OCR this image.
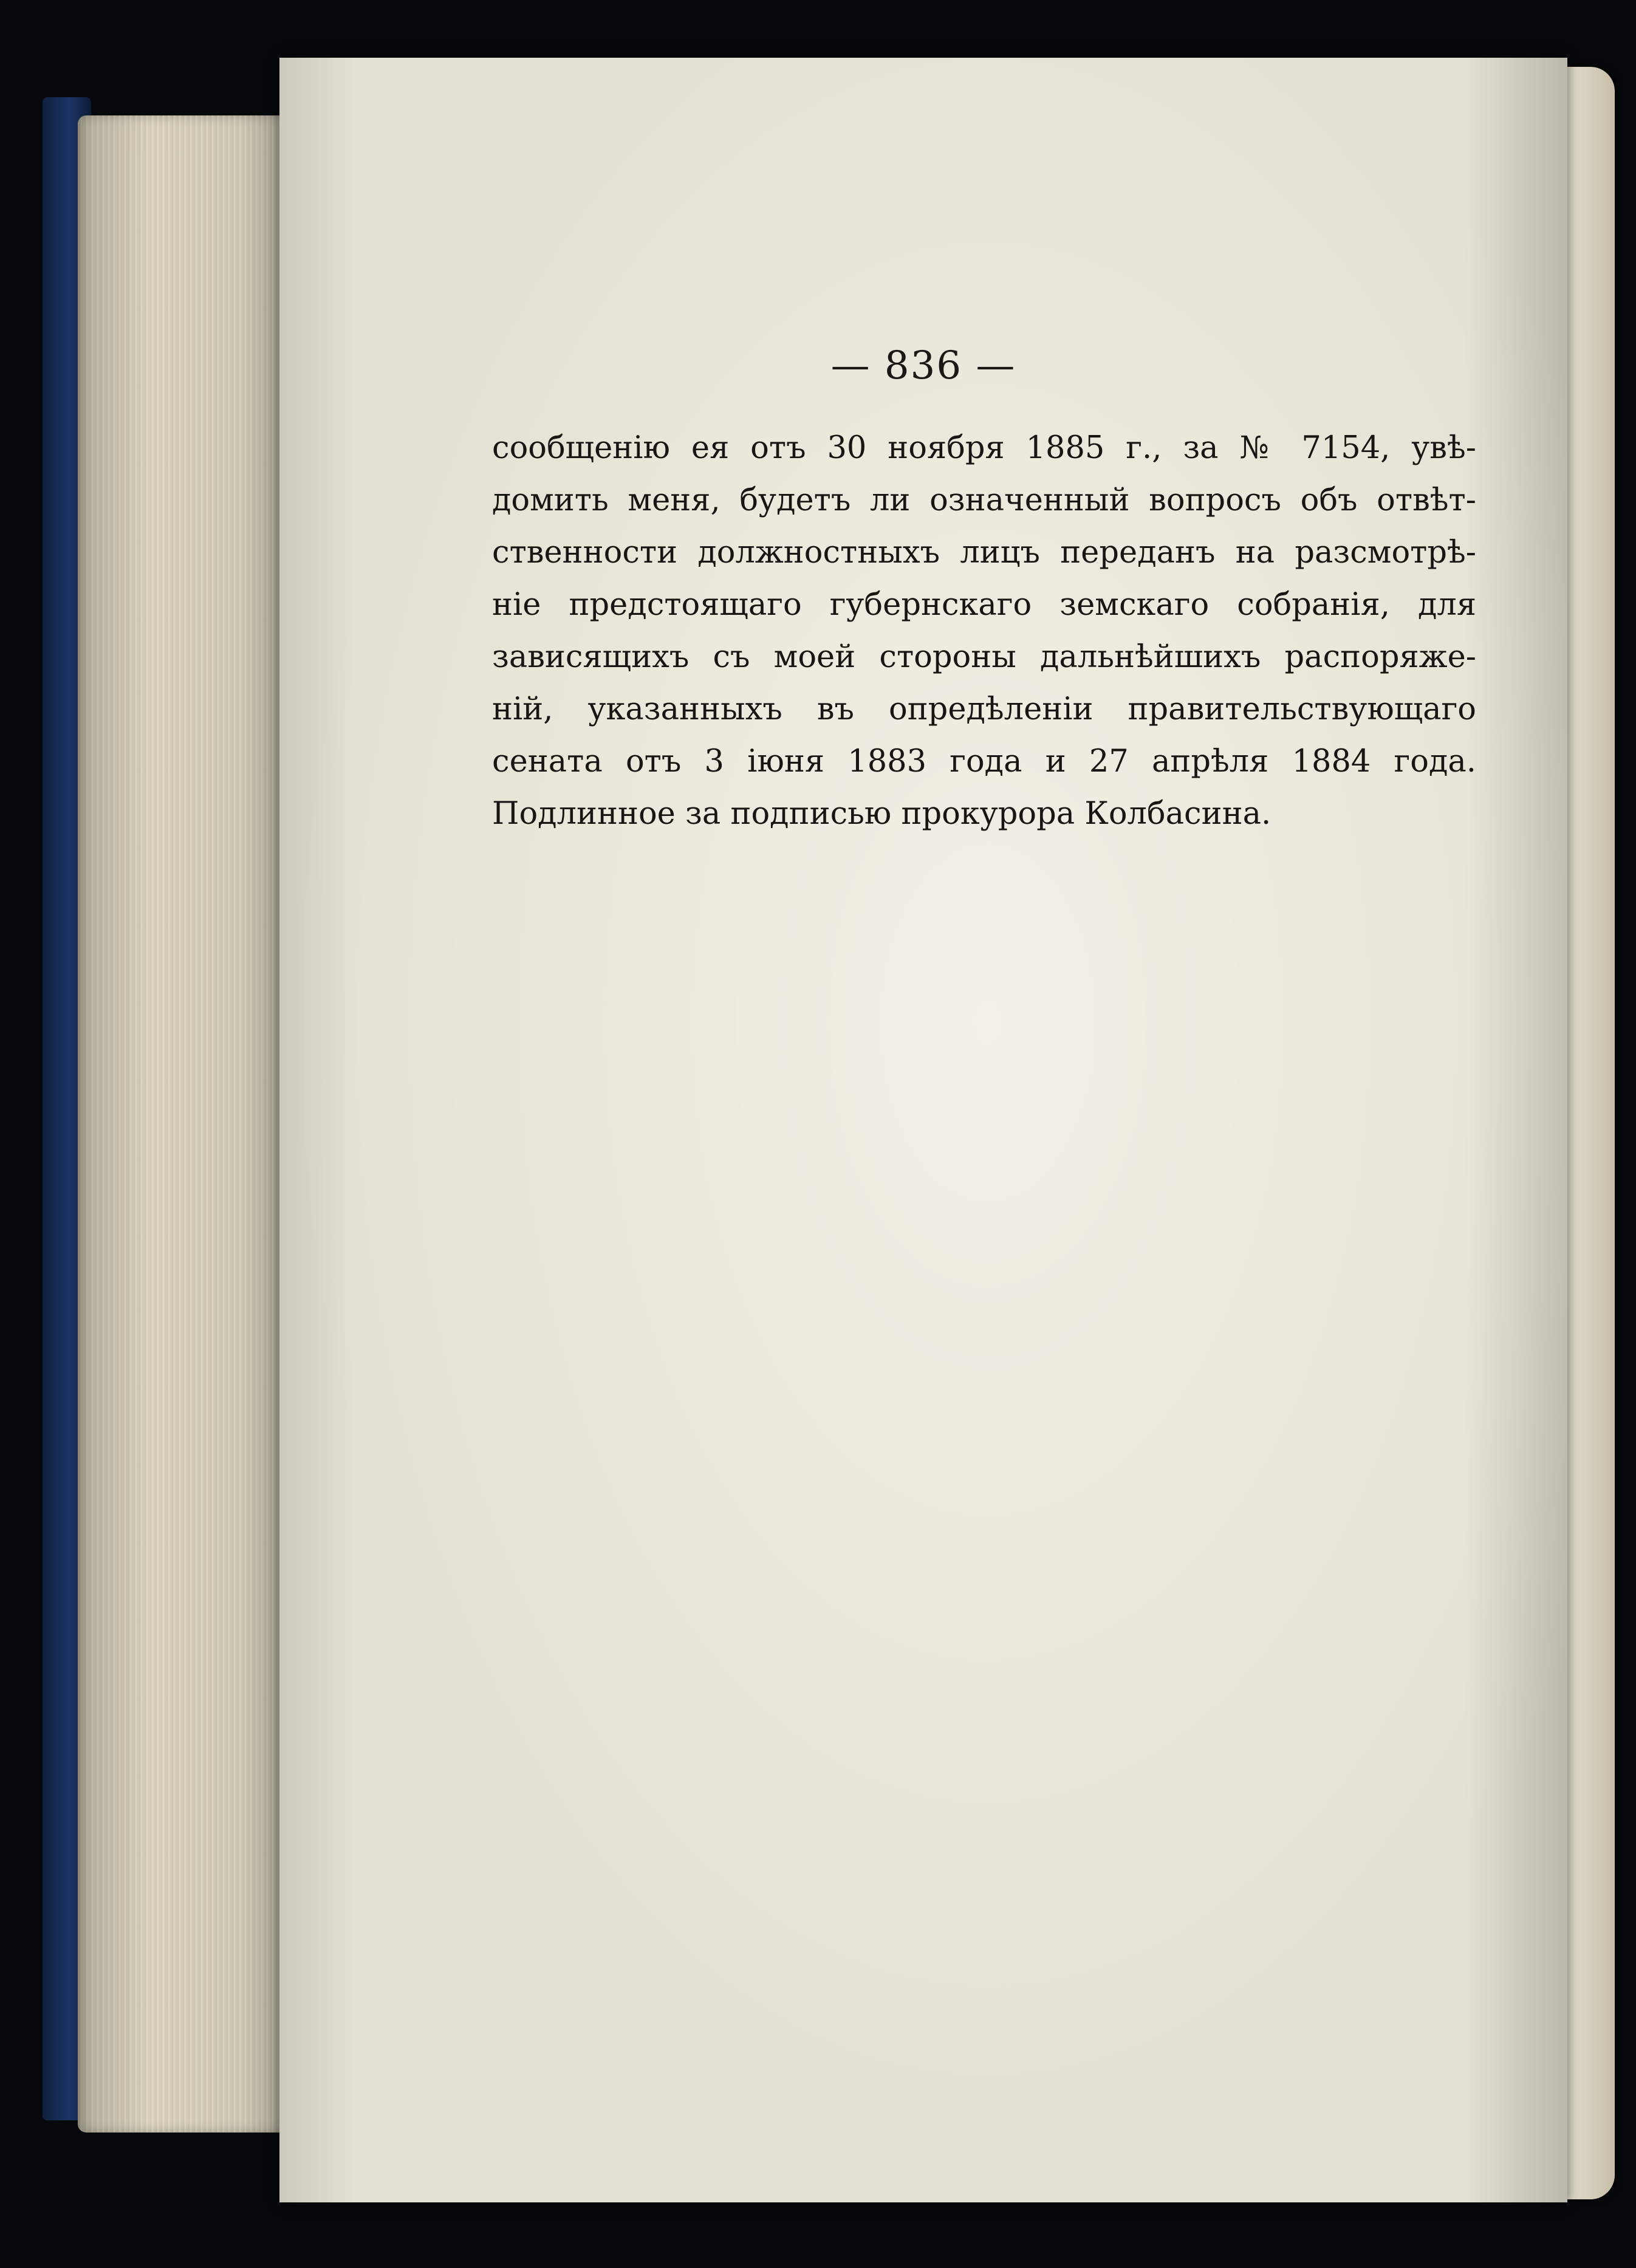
— 836 —
сообщенію ея отъ 30 ноября 1885 г., за № 7154, увѣ-
домить меня, будетъ ли означенный вопросъ объ отвѣт-
ственности должностныхъ лицъ переданъ на разсмотрѣ-
ніе предстоящаго губернскаго земскаго собранія, для
зависящихъ съ моей стороны дальнѣйшихъ распоряже-
ній, указанныхъ въ опредѣленіи правительствующаго
сената отъ 3 іюня 1883 года и 27 апрѣля 1884 года.
Подлинное за подписью прокурора Колбасина.
